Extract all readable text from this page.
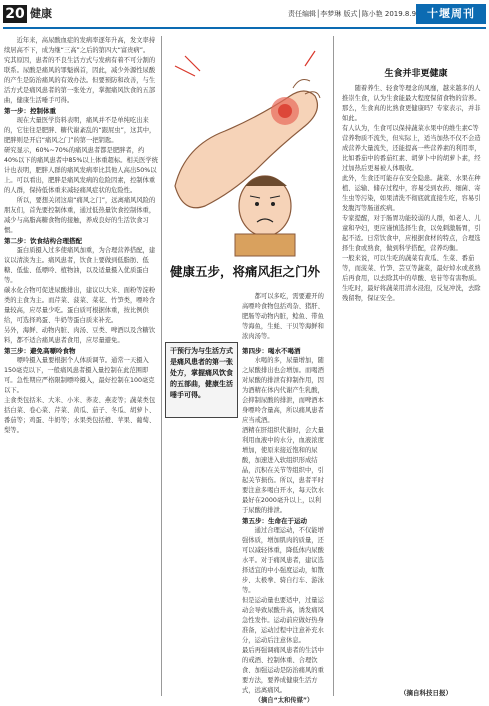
20 健康	责任编辑│李梦琳 版式│陈小艳 2019.8.9 十堰周刊

近年来，高尿酸血症的发病率逐年升高，发文率持续居高不下，成为继“三高”之后的第四大“富贵病”。
究其原因，患者的不良生活方式与发病有着不可分割的联系。尿酸是痛风的罪魁祸首，因此，减少外源性尿酸的产生是防治痛风的有效办法。但要预防和改善，与生活方式是痛风患者的第一张处方，掌握痛风饮食的五部曲，健康生活唾手可得。

第一步：控制体重

现在大量医学资料表明，痛风并不是单纯吃出来的，它往往是肥胖、糖代谢紊乱的“跟屁虫”，这其中，肥胖则是开启“痛风之门”的第一把钥匙。
研究显示，60%~70%的痛风患者都是肥胖者，约40%以下的痛风患者中85%以上体重超标。相关医学统计也表明，肥胖人群的痛风发病率比其他人高出50%以上。可以看出，肥胖是痛风发病的危险因素，控制体重的人群，保持低体重来减轻痛风症状的危险性。

所以，要想关闭这扇“痛风之门”，远离痛风风险的朋友们，首先要控制体重，通过低热量饮食控制体重，减少与高脂高糖食物的接触，养成良好的生活饮食习惯。

第二步：饮食结构合理搭配

蛋白质摄入过多使痛风加重，为合理营养搭配，建议以清淡为主。痛风患者，饮食上要做到低脂肪、低糖、低盐、低嘌呤、植物油，以及适量摄入优质蛋白等。
碳水化合物可促进尿酸排出，建议以大米、面粉等淀粉类的主食为主。而芹菜、菠菜、菜花、竹笋类，嘌呤含量较高，应尽量少吃。蛋白质可根据体重，按比例供给，可选择鸡蛋、牛奶等蛋白质来补充。
另外，海鲜、动物内脏、肉汤、豆类、啤酒以及含糖饮料，都不适合痛风患者食用，应尽量避免。

第三步：避免高嘌呤食物

嘌呤摄入量要根据个人体质调节。通常一天摄入150毫克以下，一般痛风患者摄入量控制在此范围即可。急性期应严格限制嘌呤摄入，最好控制在100毫克以下。
主食类包括米、大米、小米、荞麦、燕麦等；蔬菜类包括白菜、卷心菜、芹菜、黄瓜、茄子、冬瓜、胡萝卜、番茄等；鸡蛋、牛奶等；水果类包括橙、苹果、葡萄、梨等。

健康五步，将痛风拒之门外
干预行为与生活方式是痛风患者的第一张处方，掌握痛风饮食的五部曲，健康生活唾手可得。

都可以多吃，需要避开的高嘌呤食物包括鸡杂、猪肝、肥肠等动物内脏，鲶鱼、带鱼等海鱼，生蚝、干贝等海鲜和浓肉汤等。

第四步：喝水不喝酒

水喝的多，尿量增加，随之尿酸排出也会增加。而喝酒对尿酸的排泄有抑制作用，因为酒精在体内代谢产生乳酸，会抑制尿酸的排泄，而啤酒本身嘌呤含量高，所以痛风患者应当戒酒。
酒精在肝组织代谢时，会大量利用血液中的水分，血液浓度增加，使原来接近饱和的尿酸，加速进入软组织形成结晶，沉积在关节等组织中，引起关节损伤。所以，患者平时要注意多喝白开水，每天饮水最好在2000毫升以上，以利于尿酸的排泄。

第五步：生命在于运动

通过合理运动，不仅能增强体质，增加肌肉的质量，还可以减轻体重，降低体内尿酸水平。对于痛风患者，建议选择适宜的中小强度运动，如散步、太极拳、骑自行车、游泳等。
但是运动量也要适中，过量运动会导致尿酸升高，诱发痛风急性发作。运动前应做好热身准备，运动过程中注意补充水分，运动后注意休息。
最后再强调痛风患者的生活中的戒酒、控制体重、合理饮食、加强运动是防治痛风的重要方法，要养成健康生活方式，远离痛风。

（摘自“太和传媒”）

生食并非更健康

随着养生、轻食等理念的风靡，越来越多的人推崇生食，认为生食能最大程度保留食物的营养。那么，生食真的比熟食更健康吗？专家表示，并非如此。
有人认为，生食可以保持蔬菜水果中的维生素C等营养物质不流失，但实际上，适当加热不仅不会造成营养大量流失，还能提高一些营养素的利用率，比如番茄中的番茄红素、胡萝卜中的胡萝卜素，经过加热后更易被人体吸收。
此外，生食还可能存在安全隐患。蔬菜、水果在种植、运输、储存过程中，容易受到农药、细菌、寄生虫等污染，如果清洗不彻底就直接生吃，容易引发腹泻等肠道疾病。
专家提醒，对于肠胃功能较弱的人群，如老人、儿童和孕妇，更应谨慎选择生食，以免刺激肠胃，引起不适。日常饮食中，应根据食材的特点，合理选择生食或熟食，做到科学搭配，营养均衡。
一般来说，可以生吃的蔬菜有黄瓜、生菜、番茄等，而菠菜、竹笋、芸豆等蔬菜，最好焯水或煮熟后再食用，以去除其中的草酸、皂苷等有害物质。生吃时，最好将蔬菜用清水浸泡，反复冲洗，去除残留物，保证安全。

（摘自科技日报）
